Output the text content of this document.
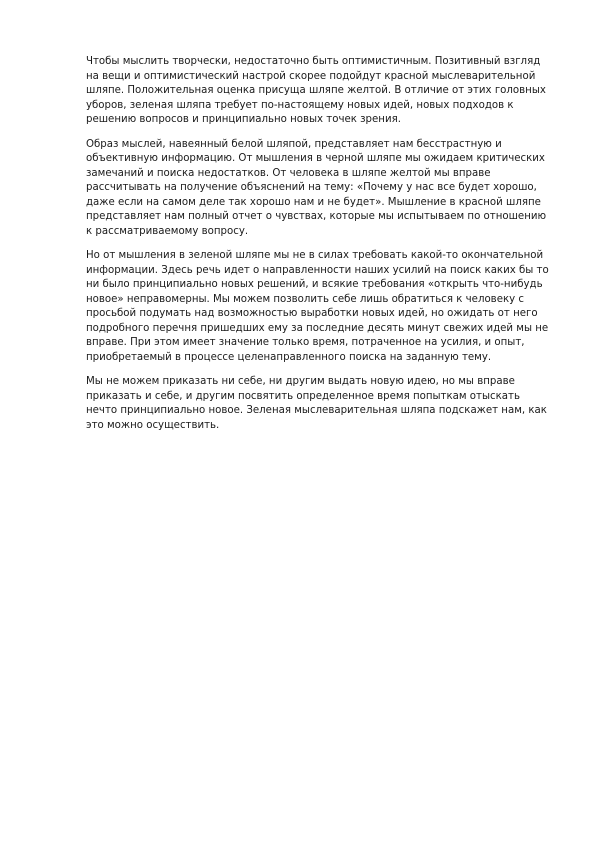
Чтобы мыслить творчески, недостаточно быть оптимистичным. Позитивный взгляд на вещи и оптимистический настрой скорее подойдут красной мыслеварительной шляпе. Положительная оценка присуща шляпе желтой. В отличие от этих головных уборов, зеленая шляпа требует по-настоящему новых идей, новых подходов к решению вопросов и принципиально новых точек зрения.

Образ мыслей, навеянный белой шляпой, представляет нам бесстрастную и объективную информацию. От мышления в черной шляпе мы ожидаем критических замечаний и поиска недостатков. От человека в шляпе желтой мы вправе рассчитывать на получение объяснений на тему: «Почему у нас все будет хорошо, даже если на самом деле так хорошо нам и не будет». Мышление в красной шляпе представляет нам полный отчет о чувствах, которые мы испытываем по отношению к рассматриваемому вопросу.

Но от мышления в зеленой шляпе мы не в силах требовать какой-то окончательной информации. Здесь речь идет о направленности наших усилий на поиск каких бы то ни было принципиально новых решений, и всякие требования «открыть что-нибудь новое» неправомерны. Мы можем позволить себе лишь обратиться к человеку с просьбой подумать над возможностью выработки новых идей, но ожидать от него подробного перечня пришедших ему за последние десять минут свежих идей мы не вправе. При этом имеет значение только время, потраченное на усилия, и опыт, приобретаемый в процессе целенаправленного поиска на заданную тему.

Мы не можем приказать ни себе, ни другим выдать новую идею, но мы вправе приказать и себе, и другим посвятить определенное время попыткам отыскать нечто принципиально новое. Зеленая мыслеварительная шляпа подскажет нам, как это можно осуществить.
